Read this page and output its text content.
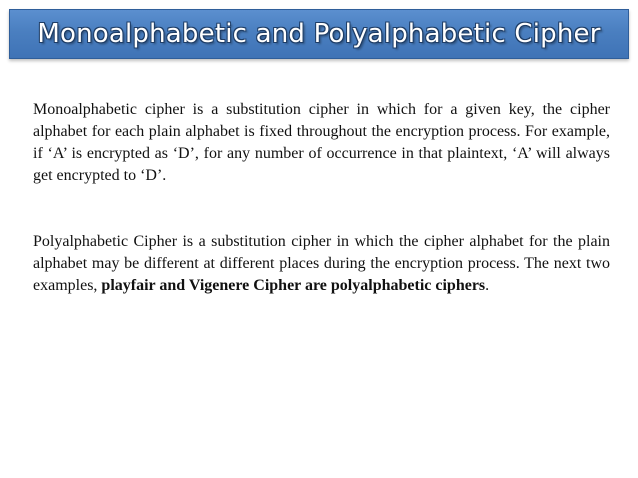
Monoalphabetic and Polyalphabetic Cipher

Monoalphabetic cipher is a substitution cipher in which for a given key, the cipher alphabet for each plain alphabet is fixed throughout the encryption process. For example, if ‘A’ is encrypted as ‘D’, for any number of occurrence in that plaintext, ‘A’ will always get encrypted to ‘D’.

Polyalphabetic Cipher is a substitution cipher in which the cipher alphabet for the plain alphabet may be different at different places during the encryption process. The next two examples, playfair and Vigenere Cipher are polyalphabetic ciphers.
